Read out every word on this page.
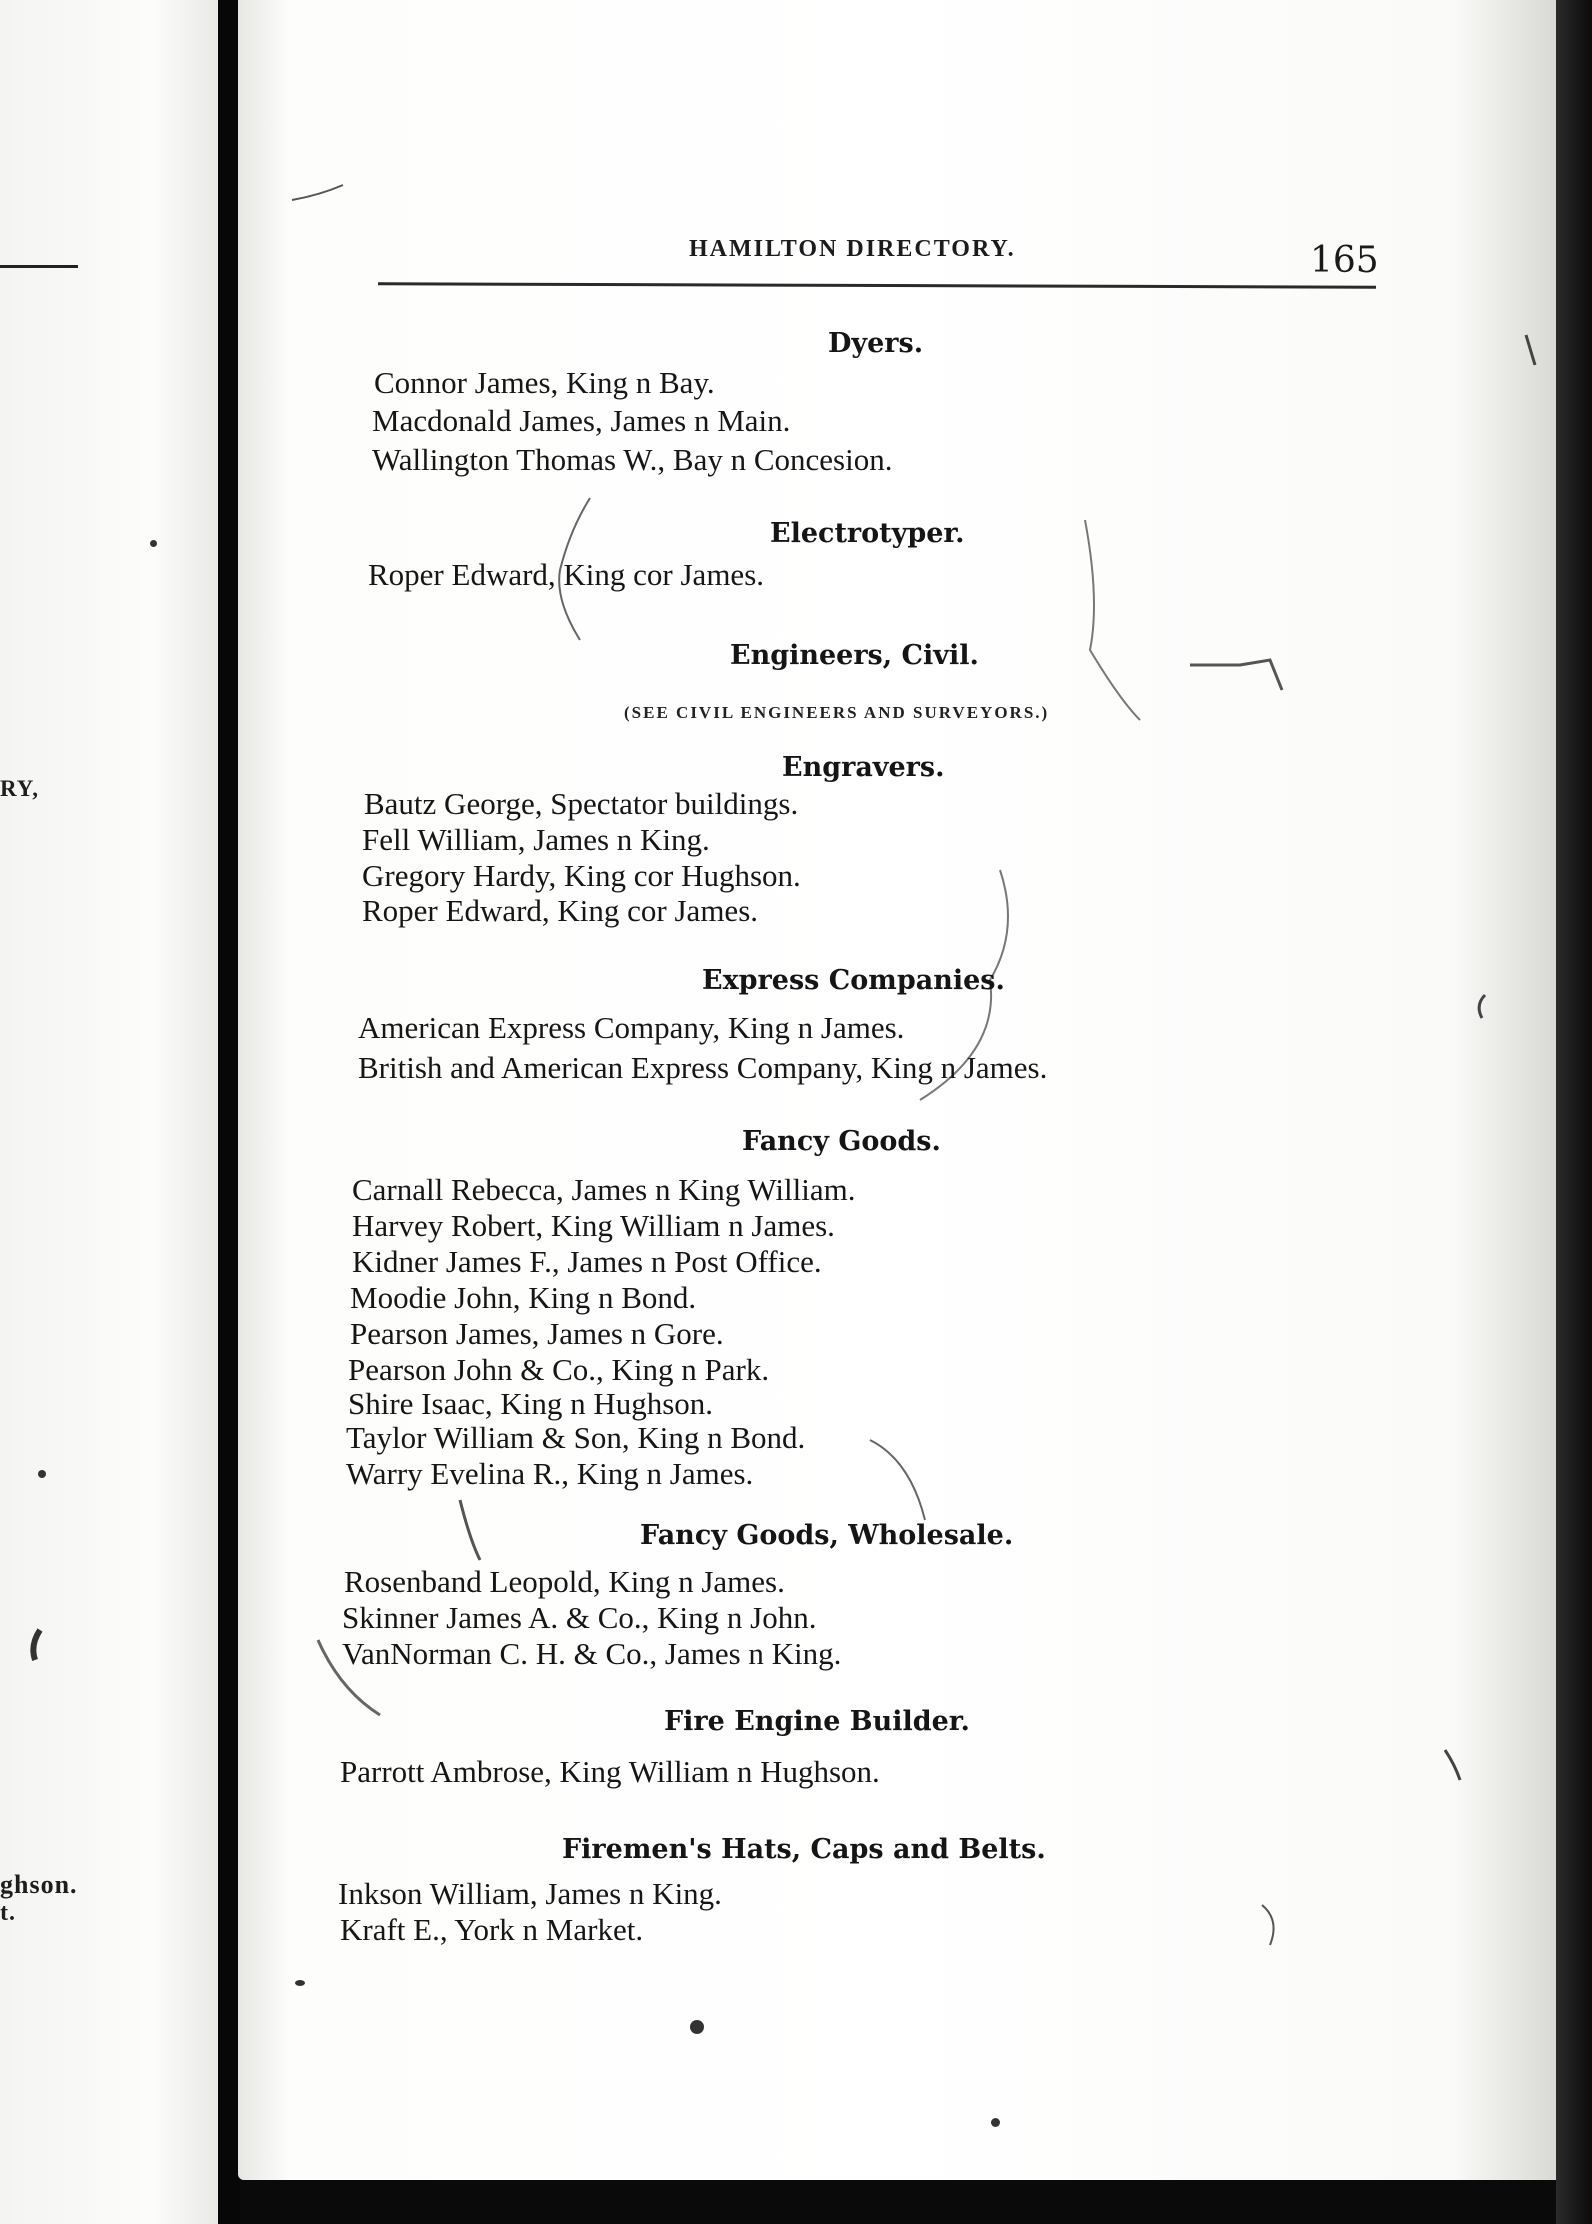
RY,
ghson.
t.
HAMILTON DIRECTORY.	165
Dyers.
Connor James, King n Bay.
Macdonald James, James n Main.
Wallington Thomas W., Bay n Concesion.
Electrotyper.
Roper Edward, King cor James.
Engineers, Civil.
(SEE CIVIL ENGINEERS AND SURVEYORS.)
Engravers.
Bautz George, Spectator buildings.
Fell William, James n King.
Gregory Hardy, King cor Hughson.
Roper Edward, King cor James.
Express Companies.
American Express Company, King n James.
British and American Express Company, King n James.
Fancy Goods.
Carnall Rebecca, James n King William.
Harvey Robert, King William n James.
Kidner James F., James n Post Office.
Moodie John, King n Bond.
Pearson James, James n Gore.
Pearson John & Co., King n Park.
Shire Isaac, King n Hughson.
Taylor William & Son, King n Bond.
Warry Evelina R., King n James.
Fancy Goods, Wholesale.
Rosenband Leopold, King n James.
Skinner James A. & Co., King n John.
VanNorman C. H. & Co., James n King.
Fire Engine Builder.
Parrott Ambrose, King William n Hughson.
Firemen's Hats, Caps and Belts.
Inkson William, James n King.
Kraft E., York n Market.
